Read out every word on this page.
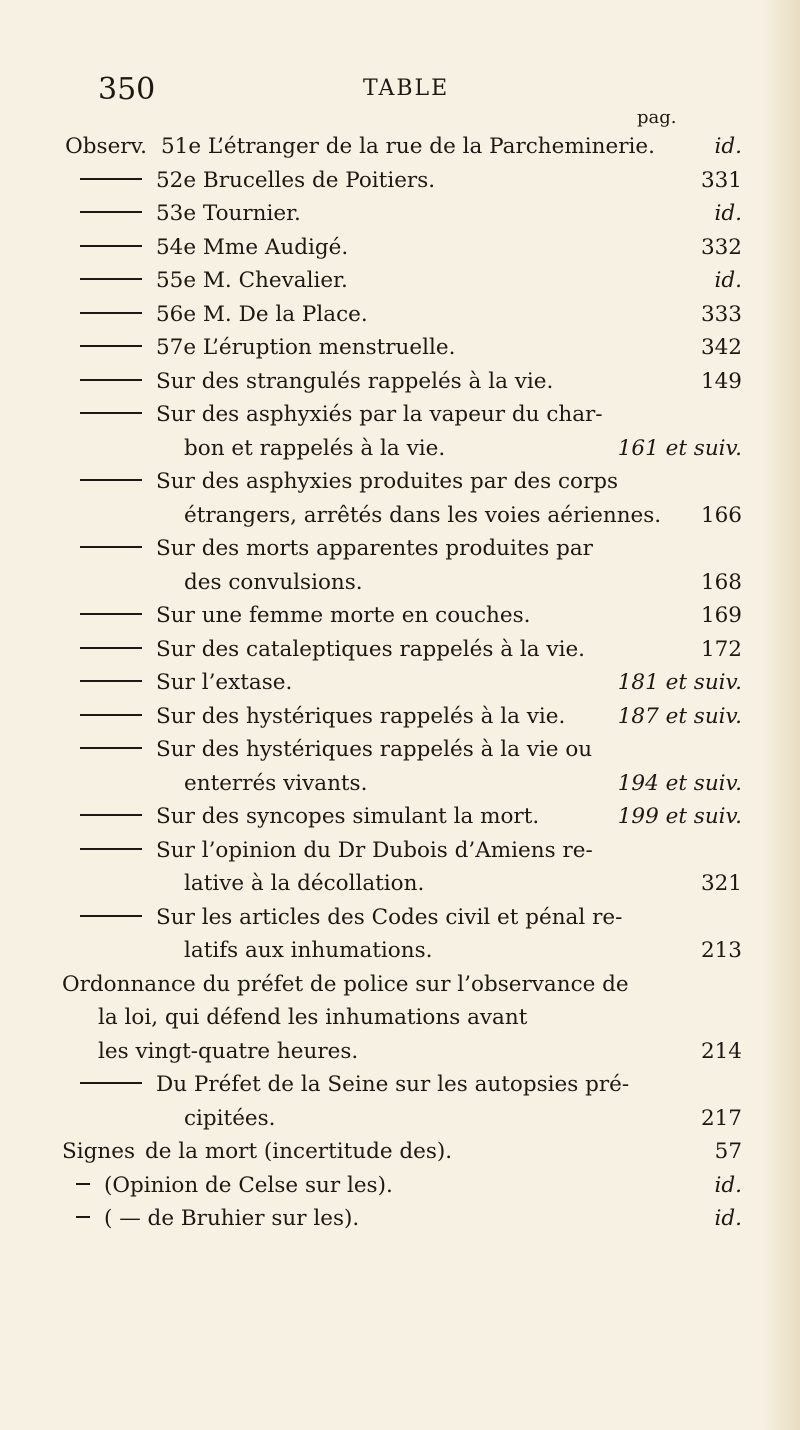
350	TABLE
pag.
Observ. 51e L’étranger de la rue de la Parcheminerie.	id.
52e Brucelles de Poitiers.	331
53e Tournier.	id.
54e Mme Audigé.	332
55e M. Chevalier.	id.
56e M. De la Place.	333
57e L’éruption menstruelle.	342
Sur des strangulés rappelés à la vie.	149
Sur des asphyxiés par la vapeur du char-
bon et rappelés à la vie.	161 et suiv.
Sur des asphyxies produites par des corps
étrangers, arrêtés dans les voies aériennes.	166
Sur des morts apparentes produites par
des convulsions.	168
Sur une femme morte en couches.	169
Sur des cataleptiques rappelés à la vie.	172
Sur l’extase.	181 et suiv.
Sur des hystériques rappelés à la vie.	187 et suiv.
Sur des hystériques rappelés à la vie ou
enterrés vivants.	194 et suiv.
Sur des syncopes simulant la mort.	199 et suiv.
Sur l’opinion du Dr Dubois d’Amiens re-
lative à la décollation.	321
Sur les articles des Codes civil et pénal re-
latifs aux inhumations.	213
Ordonnance du préfet de police sur l’observance de
la loi, qui défend les inhumations avant
les vingt-quatre heures.	214
Du Préfet de la Seine sur les autopsies pré-
cipitées.	217
Signes de la mort (incertitude des).	57
(Opinion de Celse sur les).	id.
( — de Bruhier sur les).	id.
